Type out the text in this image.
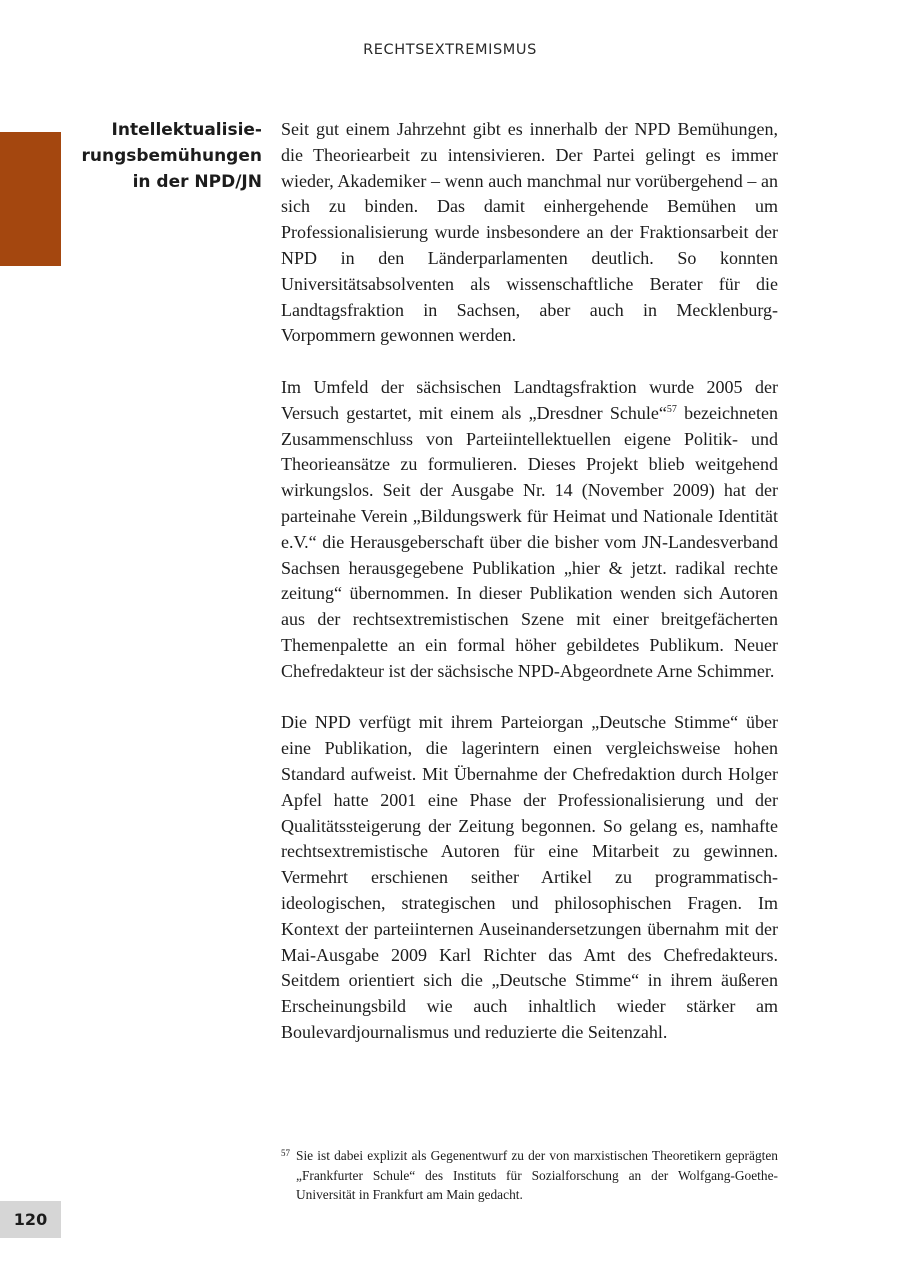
RECHTSEXTREMISMUS
Intellektualisie-
rungsbemühungen
in der NPD/JN

Seit gut einem Jahrzehnt gibt es innerhalb der NPD Bemühungen, die Theoriearbeit zu intensivieren. Der Partei gelingt es immer wieder, Akademiker – wenn auch manchmal nur vorübergehend – an sich zu binden. Das damit einhergehende Bemühen um Professionalisierung wurde insbesondere an der Fraktionsarbeit der NPD in den Länderparlamenten deutlich. So konnten Universitätsabsolventen als wissenschaftliche Berater für die Landtagsfraktion in Sachsen, aber auch in Mecklenburg-Vorpommern gewonnen werden.

Im Umfeld der sächsischen Landtagsfraktion wurde 2005 der Versuch gestartet, mit einem als „Dresdner Schule“$^{57}$ bezeichneten Zusammenschluss von Parteiintellektuellen eigene Politik- und Theorieansätze zu formulieren. Dieses Projekt blieb weitgehend wirkungslos. Seit der Ausgabe Nr. 14 (November 2009) hat der parteinahe Verein „Bildungswerk für Heimat und Nationale Identität e.V.“ die Herausgeberschaft über die bisher vom JN-Landesverband Sachsen herausgegebene Publikation „hier & jetzt. radikal rechte zeitung“ übernommen. In dieser Publikation wenden sich Autoren aus der rechtsextremistischen Szene mit einer breitgefächerten Themenpalette an ein formal höher gebildetes Publikum. Neuer Chefredakteur ist der sächsische NPD-Abgeordnete Arne Schimmer.

Die NPD verfügt mit ihrem Parteiorgan „Deutsche Stimme“ über eine Publikation, die lagerintern einen vergleichsweise hohen Standard aufweist. Mit Übernahme der Chefredaktion durch Holger Apfel hatte 2001 eine Phase der Professionalisierung und der Qualitätssteigerung der Zeitung begonnen. So gelang es, namhafte rechtsextremistische Autoren für eine Mitarbeit zu gewinnen. Vermehrt erschienen seither Artikel zu programmatisch-ideologischen, strategischen und philosophischen Fragen. Im Kontext der parteiinternen Auseinandersetzungen übernahm mit der Mai-Ausgabe 2009 Karl Richter das Amt des Chefredakteurs. Seitdem orientiert sich die „Deutsche Stimme“ in ihrem äußeren Erscheinungsbild wie auch inhaltlich wieder stärker am Boulevardjournalismus und reduzierte die Seitenzahl.

57 Sie ist dabei explizit als Gegenentwurf zu der von marxistischen Theoretikern geprägten „Frankfurter Schule“ des Instituts für Sozialforschung an der Wolfgang-Goethe-Universität in Frankfurt am Main gedacht.
120
